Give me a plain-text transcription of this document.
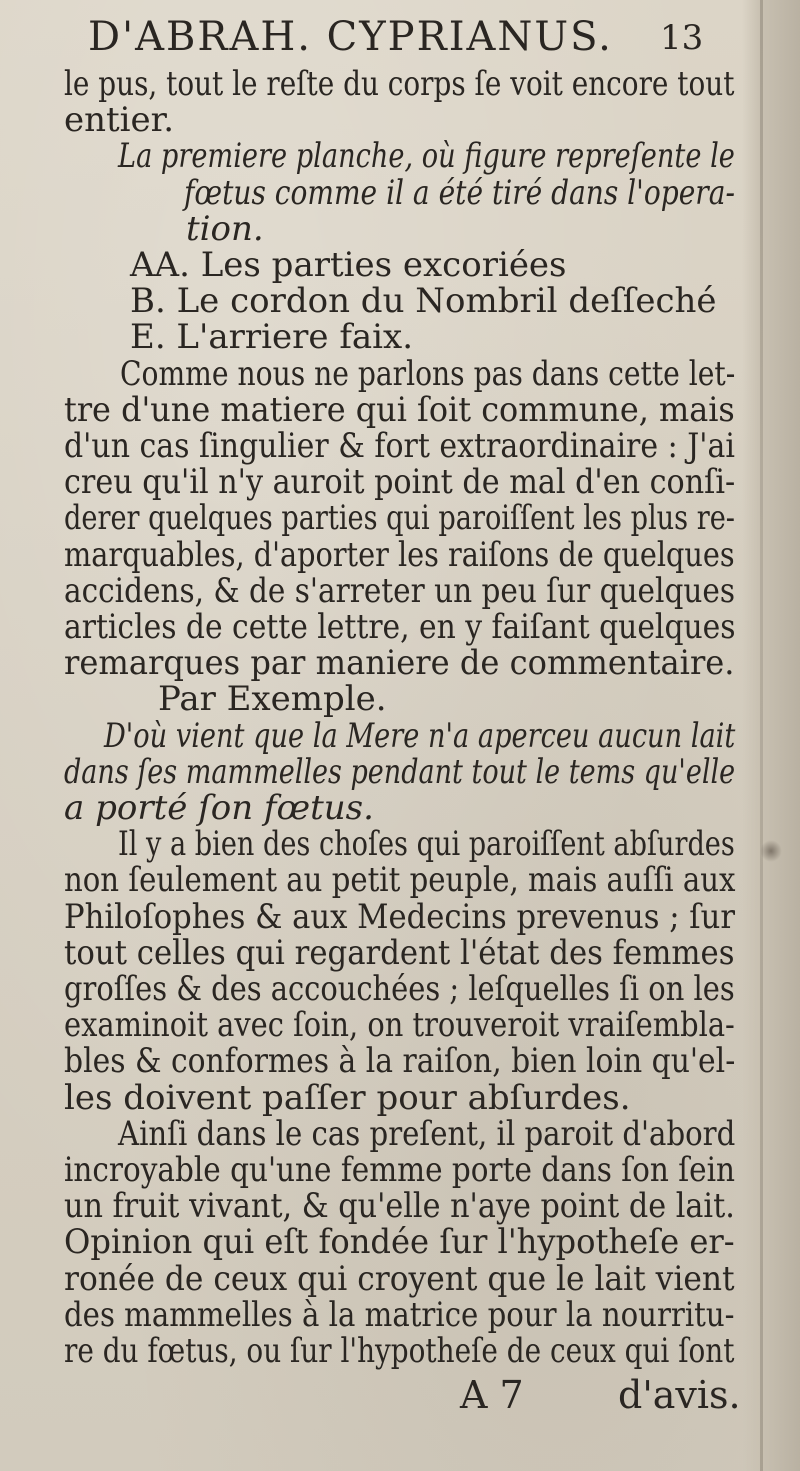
D'ABRAH. CYPRIANUS. 13
le pus, tout le reſte du corps ſe voit encore tout
entier.
La premiere planche, où figure repreſente le
fœtus comme il a été tiré dans l'opera-
tion.
AA. Les parties excoriées
B. Le cordon du Nombril deſſeché
E. L'arriere faix.
Comme nous ne parlons pas dans cette let-
tre d'une matiere qui ſoit commune, mais
d'un cas ſingulier & fort extraordinaire : J'ai
creu qu'il n'y auroit point de mal d'en conſi-
derer quelques parties qui paroiſſent les plus re-
marquables, d'aporter les raiſons de quelques
accidens, & de s'arreter un peu ſur quelques
articles de cette lettre, en y faiſant quelques
remarques par maniere de commentaire.
Par Exemple.
D'où vient que la Mere n'a aperceu aucun lait
dans ſes mammelles pendant tout le tems qu'elle
a porté ſon fœtus.
Il y a bien des choſes qui paroiſſent abſurdes
non ſeulement au petit peuple, mais auſſi aux
Philoſophes & aux Medecins prevenus ; ſur
tout celles qui regardent l'état des femmes
groſſes & des accouchées ; leſquelles ſi on les
examinoit avec ſoin, on trouveroit vraiſembla-
bles & conformes à la raiſon, bien loin qu'el-
les doivent paſſer pour abſurdes.
Ainſi dans le cas preſent, il paroit d'abord
incroyable qu'une femme porte dans ſon ſein
un fruit vivant, & qu'elle n'aye point de lait.
Opinion qui eſt fondée ſur l'hypotheſe er-
ronée de ceux qui croyent que le lait vient
des mammelles à la matrice pour la nourritu-
re du fœtus, ou ſur l'hypotheſe de ceux qui ſont
A 7 d'avis.
